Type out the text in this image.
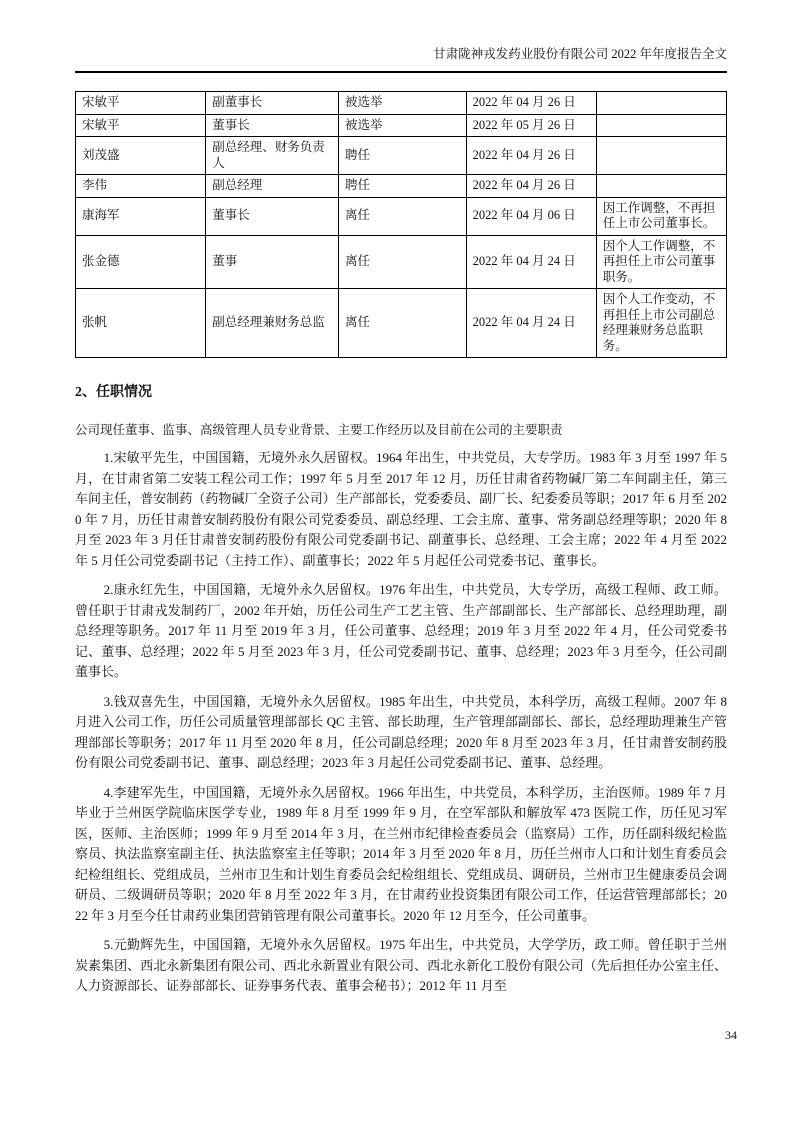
甘肃陇神戎发药业股份有限公司 2022 年年度报告全文
宋敏平	副董事长	被选举	2022 年 04 月 26 日	
宋敏平	董事长	被选举	2022 年 05 月 26 日	
刘茂盛	副总经理、财务负责人	聘任	2022 年 04 月 26 日	
李伟	副总经理	聘任	2022 年 04 月 26 日	
康海军	董事长	离任	2022 年 04 月 06 日	因工作调整，不再担任上市公司董事长。
张金德	董事	离任	2022 年 04 月 24 日	因个人工作调整，不再担任上市公司董事职务。
张帆	副总经理兼财务总监	离任	2022 年 04 月 24 日	因个人工作变动，不再担任上市公司副总经理兼财务总监职务。
2、任职情况

公司现任董事、监事、高级管理人员专业背景、主要工作经历以及目前在公司的主要职责

1.宋敏平先生，中国国籍，无境外永久居留权。1964 年出生，中共党员，大专学历。1983 年 3 月至 1997 年 5 月，在甘肃省第二安装工程公司工作；1997 年 5 月至 2017 年 12 月，历任甘肃省药物碱厂第二车间副主任，第三车间主任，普安制药（药物碱厂全资子公司）生产部部长，党委委员、副厂长、纪委委员等职；2017 年 6 月至 2020 年 7 月，历任甘肃普安制药股份有限公司党委委员、副总经理、工会主席、董事、常务副总经理等职；2020 年 8 月至 2023 年 3 月任甘肃普安制药股份有限公司党委副书记、副董事长、总经理、工会主席；2022 年 4 月至 2022 年 5 月任公司党委副书记（主持工作）、副董事长；2022 年 5 月起任公司党委书记、董事长。

2.康永红先生，中国国籍，无境外永久居留权。1976 年出生，中共党员，大专学历，高级工程师、政工师。曾任职于甘肃戎发制药厂，2002 年开始，历任公司生产工艺主管、生产部副部长、生产部部长、总经理助理，副总经理等职务。2017 年 11 月至 2019 年 3 月，任公司董事、总经理；2019 年 3 月至 2022 年 4 月，任公司党委书记、董事、总经理；2022 年 5 月至 2023 年 3 月，任公司党委副书记、董事、总经理；2023 年 3 月至今，任公司副董事长。

3.钱双喜先生，中国国籍，无境外永久居留权。1985 年出生，中共党员，本科学历，高级工程师。2007 年 8 月进入公司工作，历任公司质量管理部部长 QC 主管、部长助理，生产管理部副部长、部长，总经理助理兼生产管理部部长等职务；2017 年 11 月至 2020 年 8 月，任公司副总经理；2020 年 8 月至 2023 年 3 月，任甘肃普安制药股份有限公司党委副书记、董事、副总经理；2023 年 3 月起任公司党委副书记、董事、总经理。

4.李建军先生，中国国籍，无境外永久居留权。1966 年出生，中共党员，本科学历，主治医师。1989 年 7 月毕业于兰州医学院临床医学专业，1989 年 8 月至 1999 年 9 月，在空军部队和解放军 473 医院工作，历任见习军医，医师、主治医师；1999 年 9 月至 2014 年 3 月，在兰州市纪律检查委员会（监察局）工作，历任副科级纪检监察员、执法监察室副主任、执法监察室主任等职；2014 年 3 月至 2020 年 8 月，历任兰州市人口和计划生育委员会纪检组组长、党组成员，兰州市卫生和计划生育委员会纪检组组长、党组成员、调研员，兰州市卫生健康委员会调研员、二级调研员等职；2020 年 8 月至 2022 年 3 月，在甘肃药业投资集团有限公司工作，任运营管理部部长；2022 年 3 月至今任甘肃药业集团营销管理有限公司董事长。2020 年 12 月至今，任公司董事。

5.元勤辉先生，中国国籍，无境外永久居留权。1975 年出生，中共党员，大学学历，政工师。曾任职于兰州炭素集团、西北永新集团有限公司、西北永新置业有限公司、西北永新化工股份有限公司（先后担任办公室主任、人力资源部长、证券部部长、证券事务代表、董事会秘书）；2012 年 11 月至

34
